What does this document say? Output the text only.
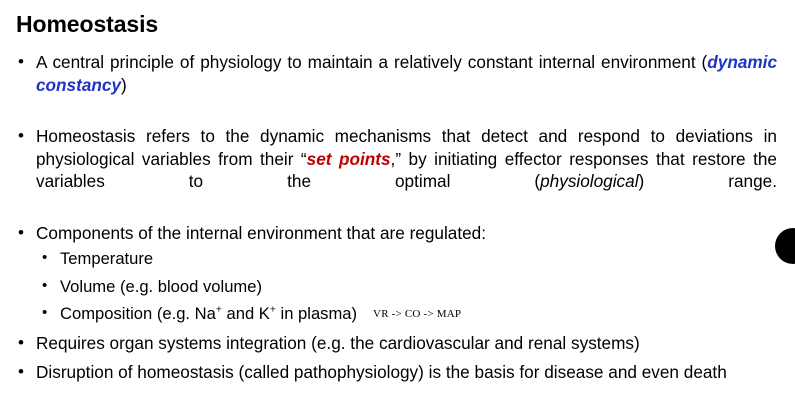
Homeostasis
• A central principle of physiology to maintain a relatively constant internal environment (dynamic constancy)
• Homeostasis refers to the dynamic mechanisms that detect and respond to deviations in physiological variables from their “set points,” by initiating effector responses that restore the variables to the optimal (physiological) range.
• Components of the internal environment that are regulated:
• Temperature
• Volume (e.g. blood volume)
• Composition (e.g. Na+ and K+ in plasma) VR -> CO -> MAP
• Requires organ systems integration (e.g. the cardiovascular and renal systems)
• Disruption of homeostasis (called pathophysiology) is the basis for disease and even death
